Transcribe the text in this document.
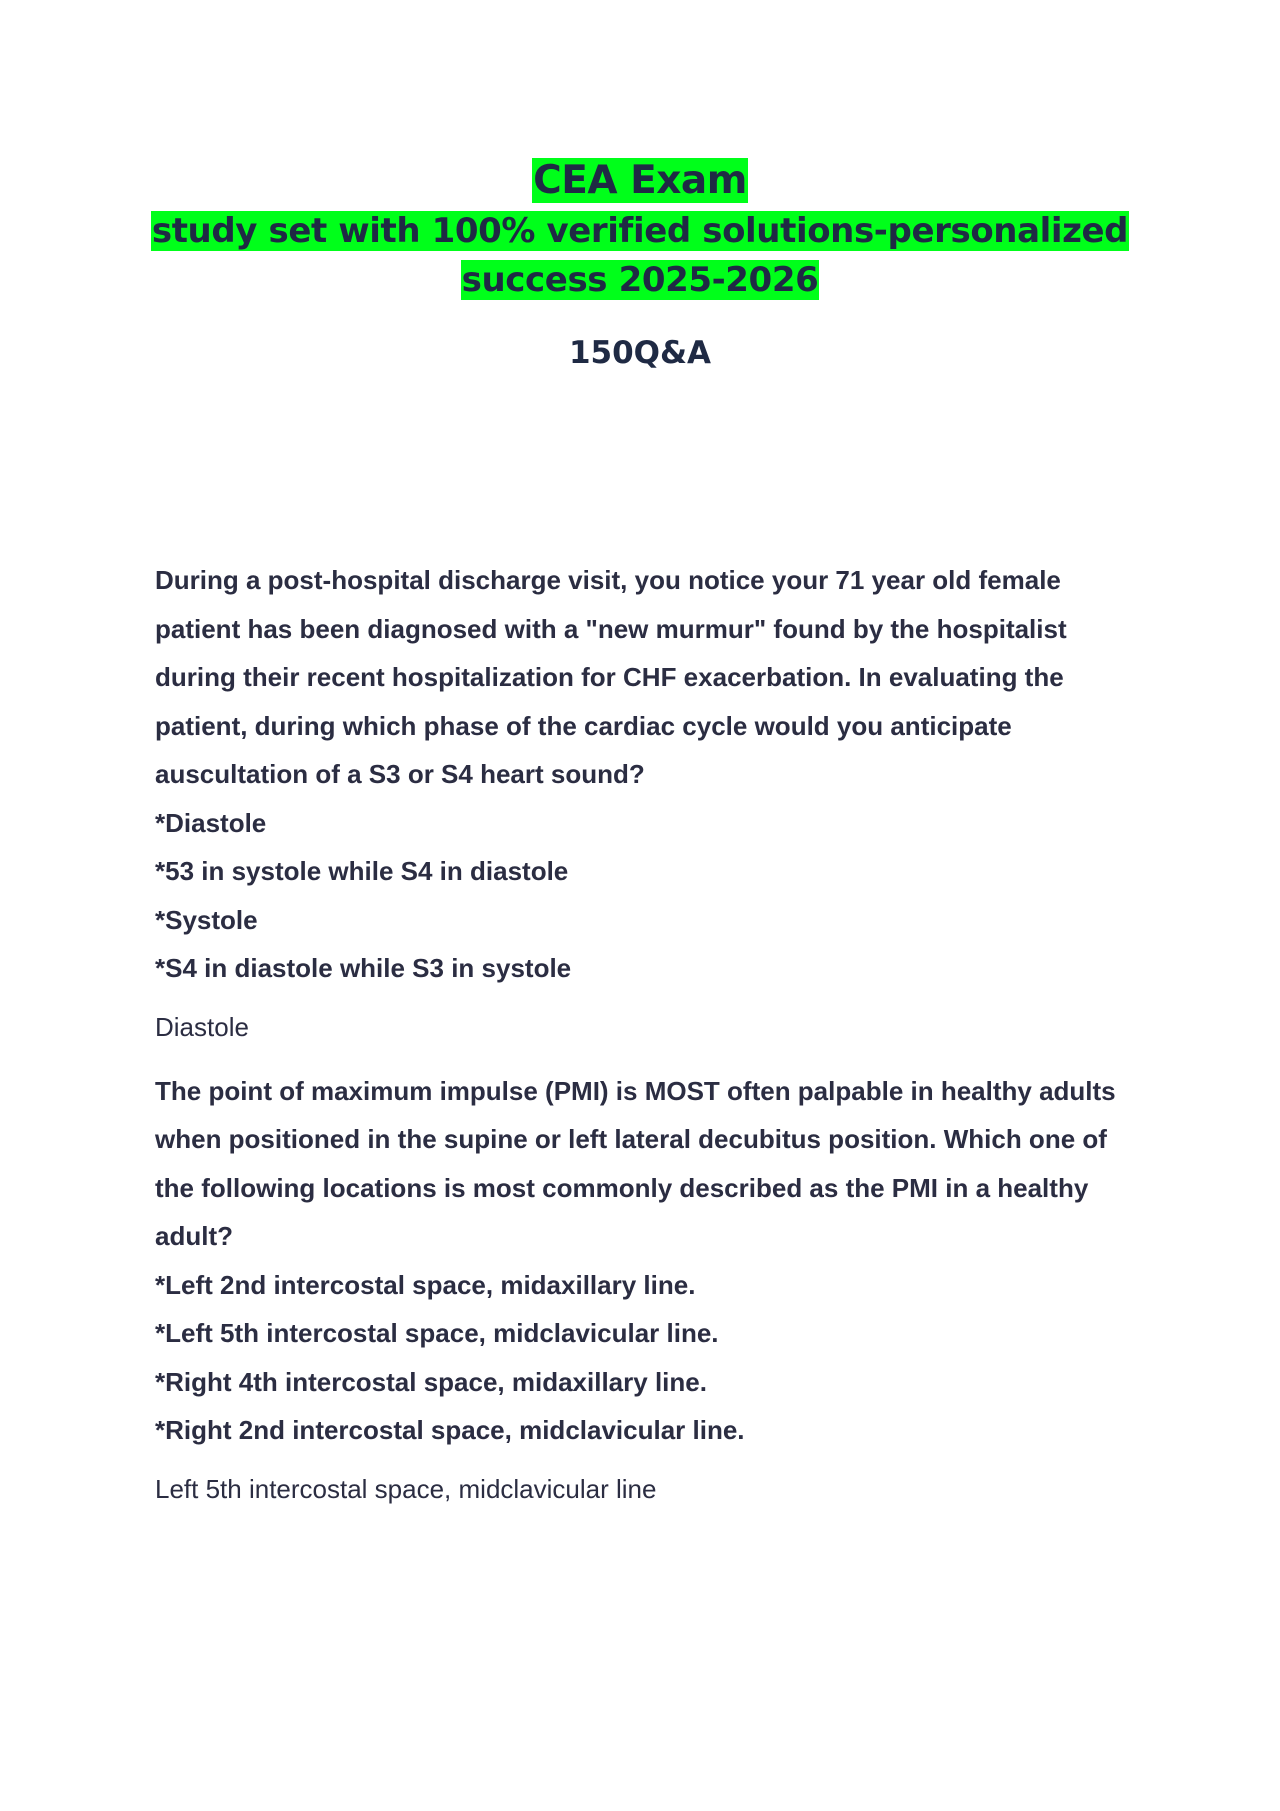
CEA Exam
study set with 100% verified solutions-personalized
success 2025-2026
150Q&A
During a post-hospital discharge visit, you notice your 71 year old female patient has been diagnosed with a "new murmur" found by the hospitalist during their recent hospitalization for CHF exacerbation. In evaluating the patient, during which phase of the cardiac cycle would you anticipate auscultation of a S3 or S4 heart sound?
*Diastole
*53 in systole while S4 in diastole
*Systole
*S4 in diastole while S3 in systole
Diastole
The point of maximum impulse (PMI) is MOST often palpable in healthy adults when positioned in the supine or left lateral decubitus position. Which one of the following locations is most commonly described as the PMI in a healthy adult?
*Left 2nd intercostal space, midaxillary line.
*Left 5th intercostal space, midclavicular line.
*Right 4th intercostal space, midaxillary line.
*Right 2nd intercostal space, midclavicular line.
Left 5th intercostal space, midclavicular line
